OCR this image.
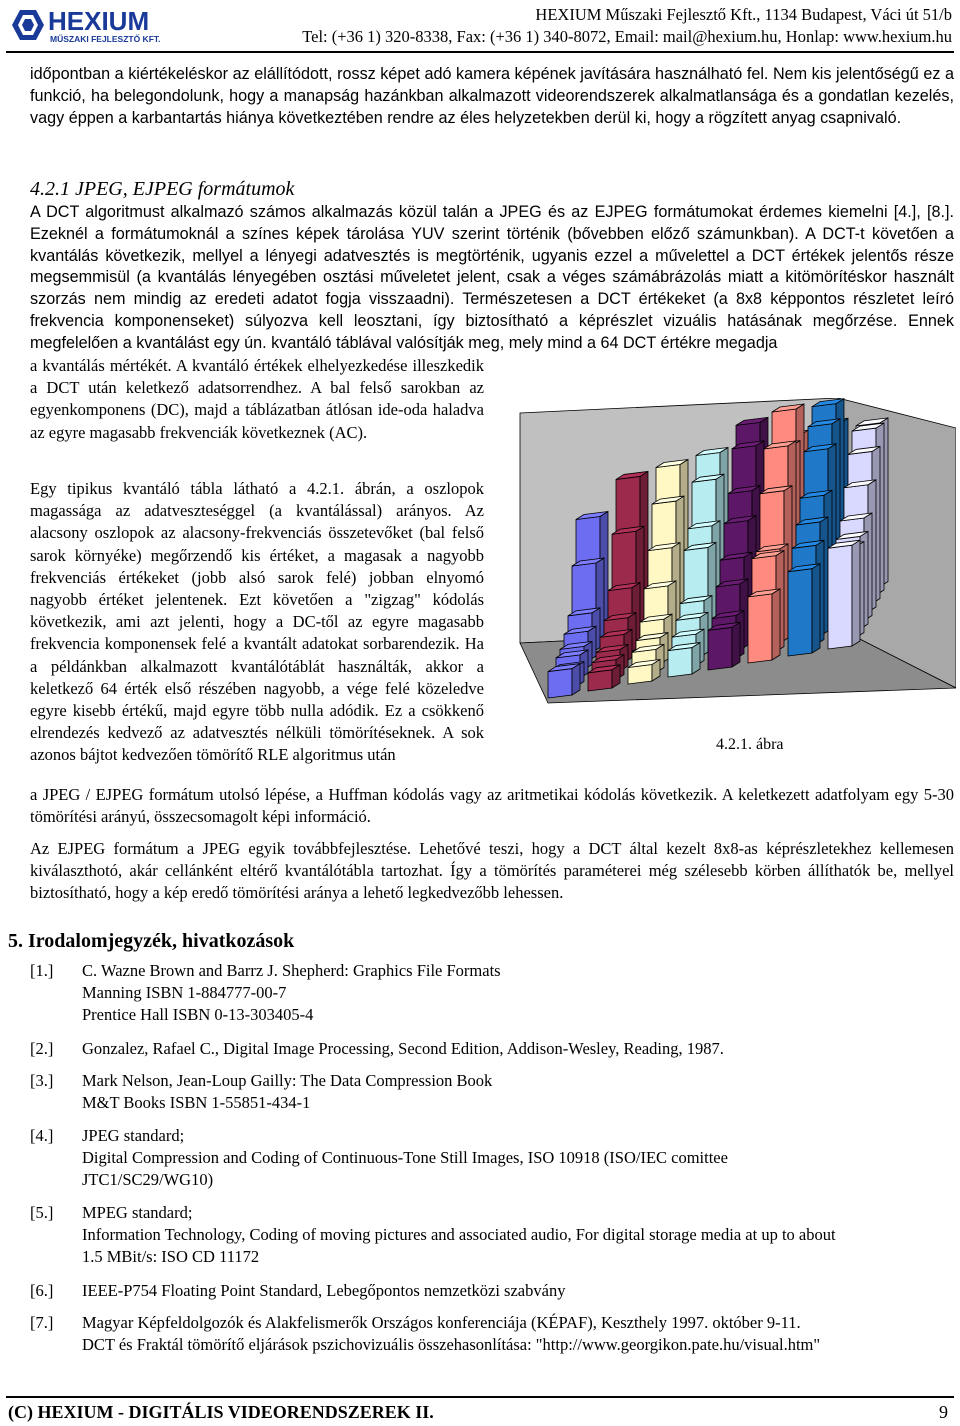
HEXIUM
MŰSZAKI FEJLESZTŐ KFT.
HEXIUM Műszaki Fejlesztő Kft., 1134 Budapest, Váci út 51/b
Tel: (+36 1) 320-8338, Fax: (+36 1) 340-8072, Email: mail@hexium.hu, Honlap: www.hexium.hu
időpontban a kiértékeléskor az elállítódott, rossz képet adó kamera képének javítására használható fel. Nem kis jelentőségű ez a funkció, ha belegondolunk, hogy a manapság hazánkban alkalmazott videorendszerek alkalmatlansága és a gondatlan kezelés, vagy éppen a karbantartás hiánya következtében rendre az éles helyzetekben derül ki, hogy a rögzített anyag csapnivaló.
4.2.1 JPEG, EJPEG formátumok
A DCT algoritmust alkalmazó számos alkalmazás közül talán a JPEG és az EJPEG formátumokat érdemes kiemelni [4.], [8.]. Ezeknél a formátumoknál a színes képek tárolása YUV szerint történik (bővebben előző számunkban). A DCT-t követően a kvantálás következik, mellyel a lényegi adatvesztés is megtörténik, ugyanis ezzel a művelettel a DCT értékek jelentős része megsemmisül (a kvantálás lényegében osztási műveletet jelent, csak a véges számábrázolás miatt a kitömörítéskor használt szorzás nem mindig az eredeti adatot fogja visszaadni). Természetesen a DCT értékeket (a 8x8 képpontos részletet leíró frekvencia komponenseket) súlyozva kell leosztani, így biztosítható a képrészlet vizuális hatásának megőrzése. Ennek megfelelően a kvantálást egy ún. kvantáló táblával valósítják meg, mely mind a 64 DCT értékre megadja
a kvantálás mértékét. A kvantáló értékek elhelyezkedése illeszkedik a DCT után keletkező adatsorrendhez. A bal felső sarokban az egyenkomponens (DC), majd a táblázatban átlósan ide-oda haladva az egyre magasabb frekvenciák következnek (AC).
Egy tipikus kvantáló tábla látható a 4.2.1. ábrán, a oszlopok magassága az adatveszteséggel (a kvantálással) arányos. Az alacsony oszlopok az alacsony-frekvenciás összetevőket (bal felső sarok környéke) megőrzendő kis értéket, a magasak a nagyobb frekvenciás értékeket (jobb alsó sarok felé) jobban elnyomó nagyobb értéket jelentenek. Ezt követően a "zigzag" kódolás következik, ami azt jelenti, hogy a DC-től az egyre magasabb frekvencia komponensek felé a kvantált adatokat sorbarendezik. Ha a példánkban alkalmazott kvantálótáblát használták, akkor a keletkező 64 érték első részében nagyobb, a vége felé közeledve egyre kisebb értékű, majd egyre több nulla adódik. Ez a csökkenő elrendezés kedvező az adatvesztés nélküli tömörítéseknek. A sok azonos bájtot kedvezően tömörítő RLE algoritmus után
a JPEG / EJPEG formátum utolsó lépése, a Huffman kódolás vagy az aritmetikai kódolás következik. A keletkezett adatfolyam egy 5-30 tömörítési arányú, összecsomagolt képi információ.
Az EJPEG formátum a JPEG egyik továbbfejlesztése. Lehetővé teszi, hogy a DCT által kezelt 8x8-as képrészletekhez kellemesen kiválaszthotó, akár cellánként eltérő kvantálótábla tartozhat. Így a tömörítés paraméterei még szélesebb körben állíthatók be, mellyel biztosítható, hogy a kép eredő tömörítési aránya a lehető legkedvezőbb lehessen.
4.2.1. ábra
5. Irodalomjegyzék, hivatkozások
[1.] C. Wazne Brown and Barrz J. Shepherd: Graphics File Formats
Manning ISBN 1-884777-00-7
Prentice Hall ISBN 0-13-303405-4
[2.] Gonzalez, Rafael C., Digital Image Processing, Second Edition, Addison-Wesley, Reading, 1987.
[3.] Mark Nelson, Jean-Loup Gailly: The Data Compression Book
M&T Books ISBN 1-55851-434-1
[4.] JPEG standard;
Digital Compression and Coding of Continuous-Tone Still Images, ISO 10918 (ISO/IEC comittee
JTC1/SC29/WG10)
[5.] MPEG standard;
Information Technology, Coding of moving pictures and associated audio, For digital storage media at up to about
1.5 MBit/s: ISO CD 11172
[6.] IEEE-P754 Floating Point Standard, Lebegőpontos nemzetközi szabvány
[7.] Magyar Képfeldolgozók és Alakfelismerők Országos konferenciája (KÉPAF), Keszthely 1997. október 9-11.
DCT és Fraktál tömörítő eljárások pszichovizuális összehasonlítása: "http://www.georgikon.pate.hu/visual.htm"
(C) HEXIUM - DIGITÁLIS VIDEORENDSZEREK II.	9
